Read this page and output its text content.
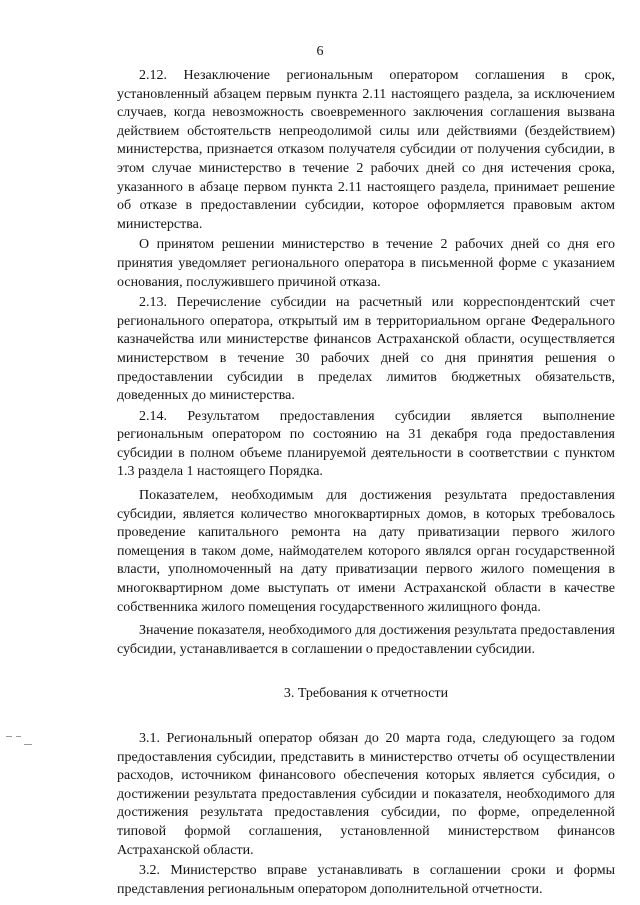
6

2.12. Незаключение региональным оператором соглашения в срок, установленный абзацем первым пункта 2.11 настоящего раздела, за исключением случаев, когда невозможность своевременного заключения соглашения вызвана действием обстоятельств непреодолимой силы или действиями (бездействием) министерства, признается отказом получателя субсидии от получения субсидии, в этом случае министерство в течение 2 рабочих дней со дня истечения срока, указанного в абзаце первом пункта 2.11 настоящего раздела, принимает решение об отказе в предоставлении субсидии, которое оформляется правовым актом министерства.

О принятом решении министерство в течение 2 рабочих дней со дня его принятия уведомляет регионального оператора в письменной форме с указанием основания, послужившего причиной отказа.

2.13. Перечисление субсидии на расчетный или корреспондентский счет регионального оператора, открытый им в территориальном органе Федерального казначейства или министерстве финансов Астраханской области, осуществляется министерством в течение 30 рабочих дней со дня принятия решения о предоставлении субсидии в пределах лимитов бюджетных обязательств, доведенных до министерства.

2.14. Результатом предоставления субсидии является выполнение региональным оператором по состоянию на 31 декабря года предоставления субсидии в полном объеме планируемой деятельности в соответствии с пунктом 1.3 раздела 1 настоящего Порядка.

Показателем, необходимым для достижения результата предоставления субсидии, является количество многоквартирных домов, в которых требовалось проведение капитального ремонта на дату приватизации первого жилого помещения в таком доме, наймодателем которого являлся орган государственной власти, уполномоченный на дату приватизации первого жилого помещения в многоквартирном доме выступать от имени Астраханской области в качестве собственника жилого помещения государственного жилищного фонда.

Значение показателя, необходимого для достижения результата предоставления субсидии, устанавливается в соглашении о предоставлении субсидии.

3. Требования к отчетности

3.1. Региональный оператор обязан до 20 марта года, следующего за годом предоставления субсидии, представить в министерство отчеты об осуществлении расходов, источником финансового обеспечения которых является субсидия, о достижении результата предоставления субсидии и показателя, необходимого для достижения результата предоставления субсидии, по форме, определенной типовой формой соглашения, установленной министерством финансов Астраханской области.

3.2. Министерство вправе устанавливать в соглашении сроки и формы представления региональным оператором дополнительной отчетности.
